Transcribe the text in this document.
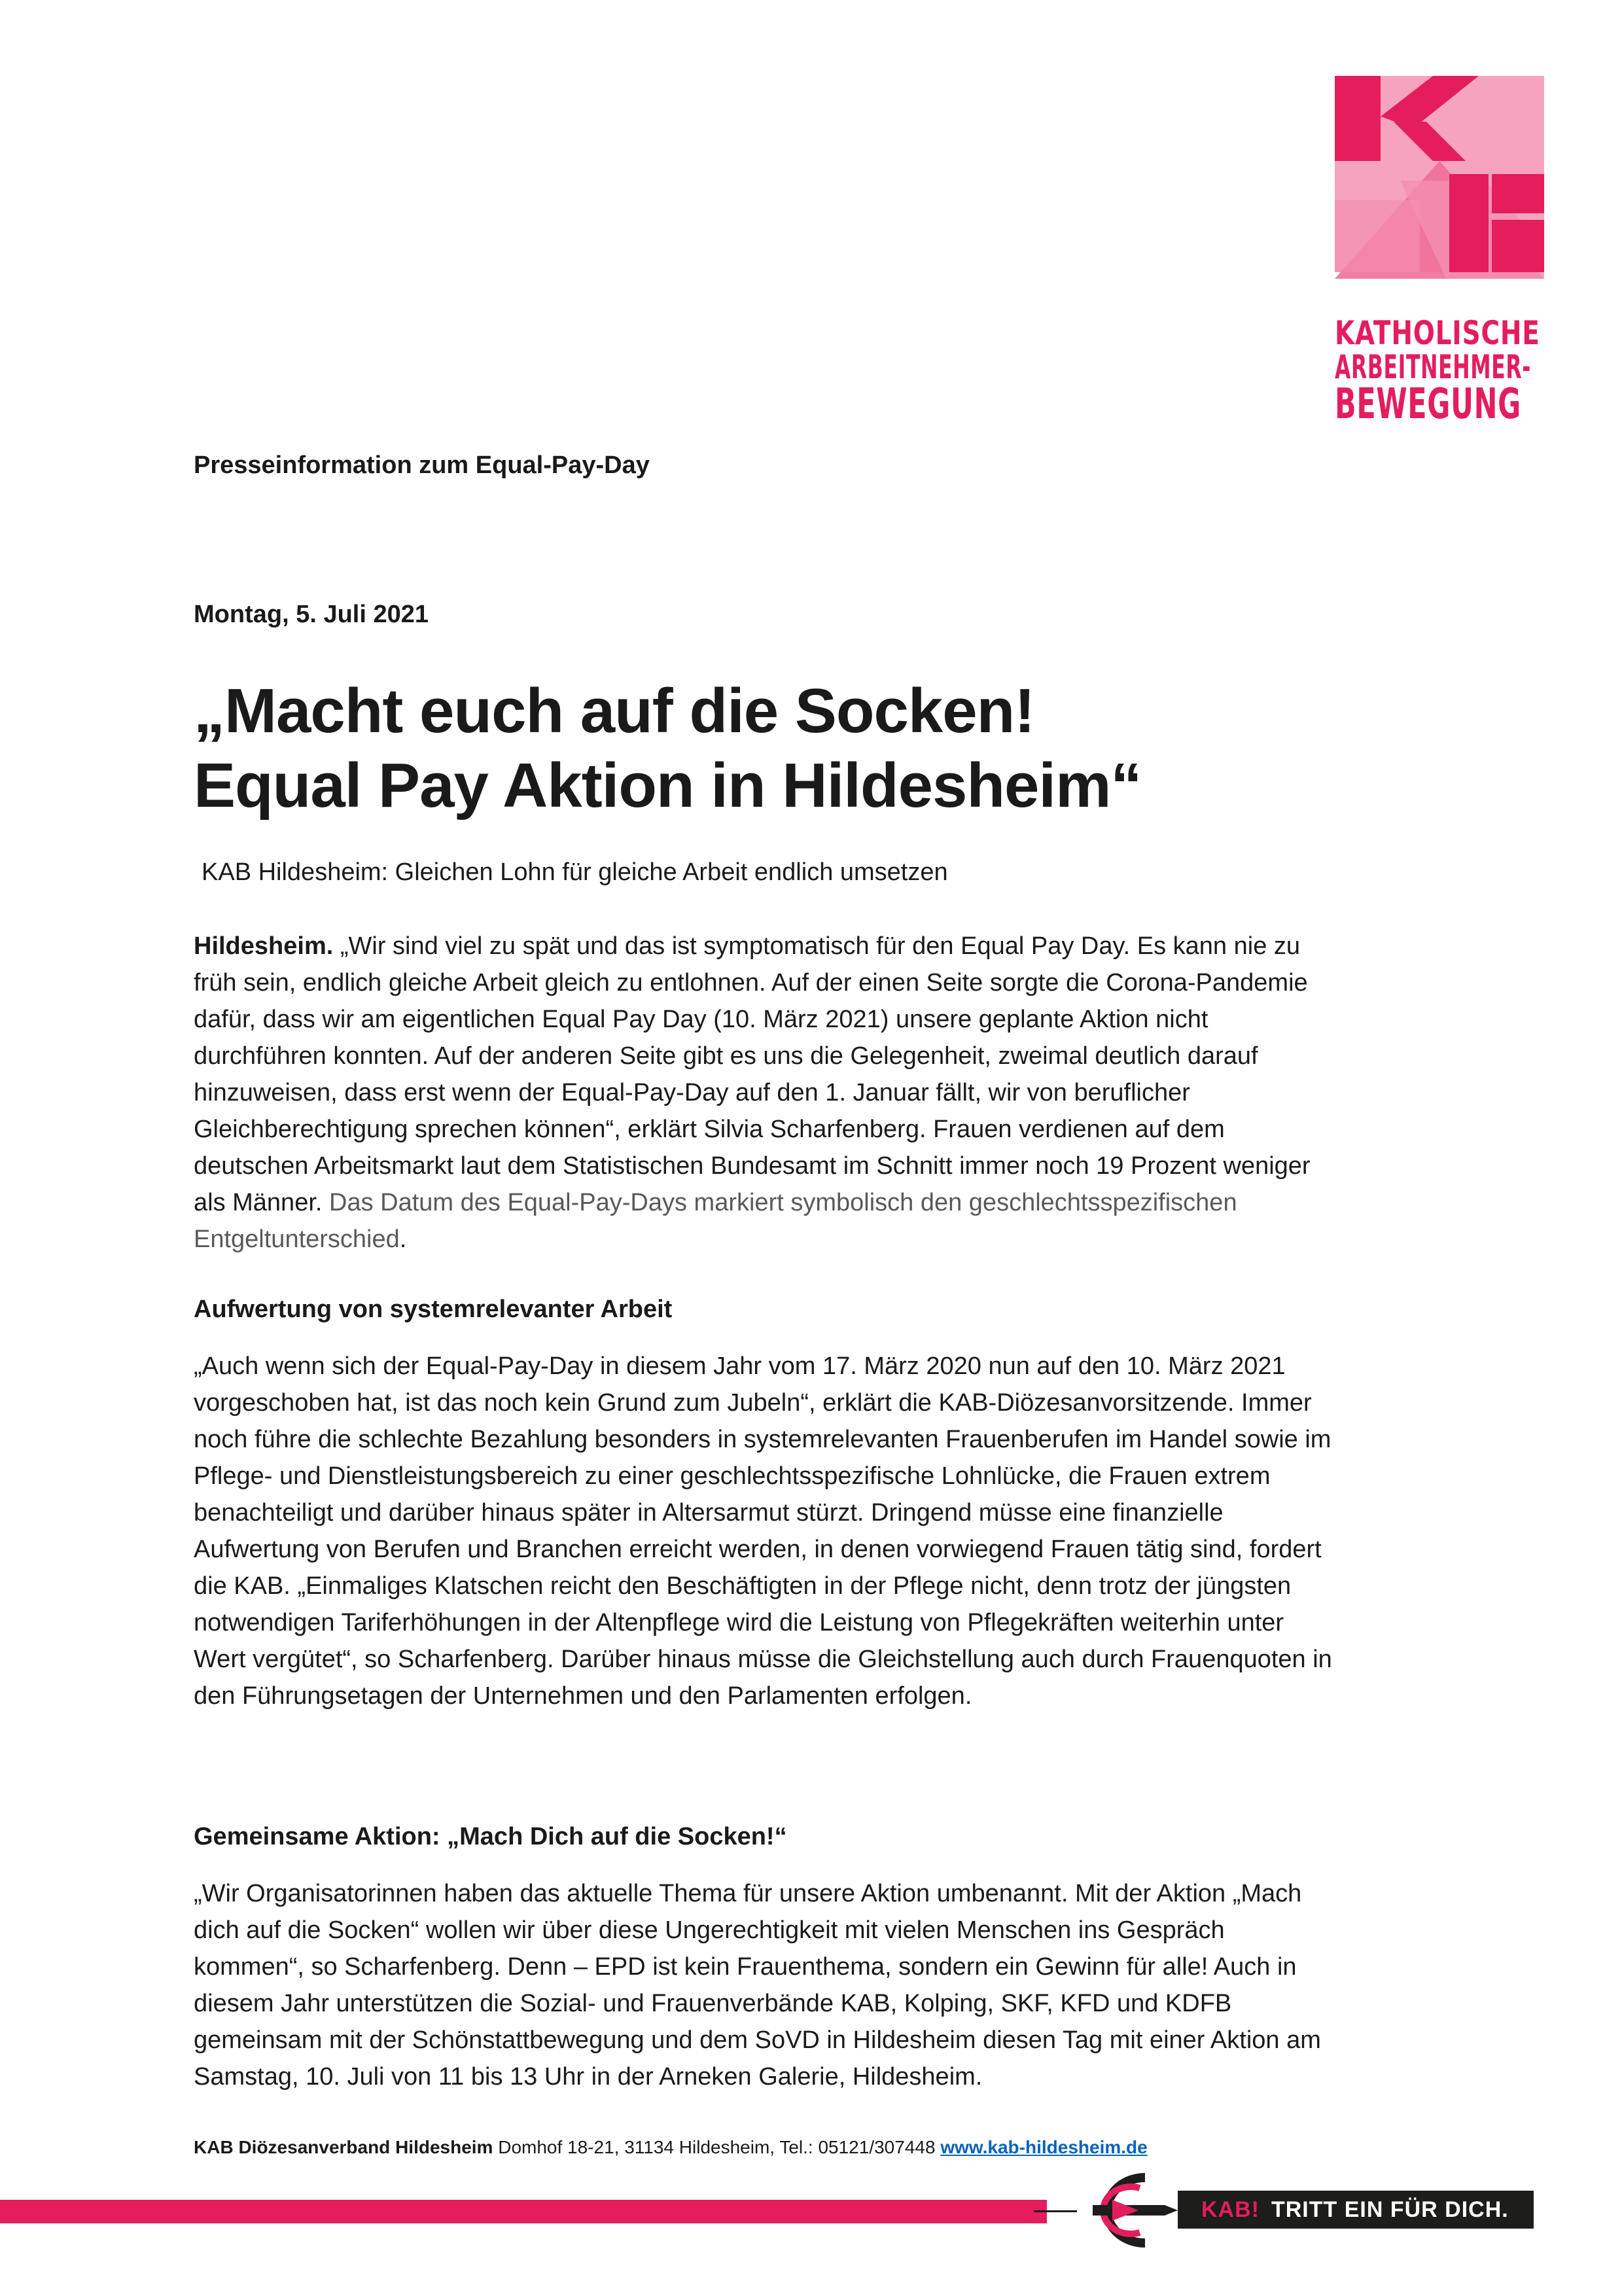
KATHOLISCHE
ARBEITNEHMER-
BEWEGUNG
Presseinformation zum Equal-Pay-Day
Montag, 5. Juli 2021
„Macht euch auf die Socken!
Equal Pay Aktion in Hildesheim“
KAB Hildesheim: Gleichen Lohn für gleiche Arbeit endlich umsetzen
Hildesheim. „Wir sind viel zu spät und das ist symptomatisch für den Equal Pay Day. Es kann nie zu früh sein, endlich gleiche Arbeit gleich zu entlohnen. Auf der einen Seite sorgte die Corona-Pandemie dafür, dass wir am eigentlichen Equal Pay Day (10. März 2021) unsere geplante Aktion nicht durchführen konnten. Auf der anderen Seite gibt es uns die Gelegenheit, zweimal deutlich darauf hinzuweisen, dass erst wenn der Equal-Pay-Day auf den 1. Januar fällt, wir von beruflicher Gleichberechtigung sprechen können“, erklärt Silvia Scharfenberg. Frauen verdienen auf dem deutschen Arbeitsmarkt laut dem Statistischen Bundesamt im Schnitt immer noch 19 Prozent weniger als Männer. Das Datum des Equal-Pay-Days markiert symbolisch den geschlechtsspezifischen Entgeltunterschied.
Aufwertung von systemrelevanter Arbeit
„Auch wenn sich der Equal-Pay-Day in diesem Jahr vom 17. März 2020 nun auf den 10. März 2021 vorgeschoben hat, ist das noch kein Grund zum Jubeln“, erklärt die KAB-Diözesanvorsitzende. Immer noch führe die schlechte Bezahlung besonders in systemrelevanten Frauenberufen im Handel sowie im Pflege- und Dienstleistungsbereich zu einer geschlechtsspezifische Lohnlücke, die Frauen extrem benachteiligt und darüber hinaus später in Altersarmut stürzt. Dringend müsse eine finanzielle Aufwertung von Berufen und Branchen erreicht werden, in denen vorwiegend Frauen tätig sind, fordert die KAB. „Einmaliges Klatschen reicht den Beschäftigten in der Pflege nicht, denn trotz der jüngsten notwendigen Tariferhöhungen in der Altenpflege wird die Leistung von Pflegekräften weiterhin unter Wert vergütet“, so Scharfenberg. Darüber hinaus müsse die Gleichstellung auch durch Frauenquoten in den Führungsetagen der Unternehmen und den Parlamenten erfolgen.
Gemeinsame Aktion: „Mach Dich auf die Socken!“
„Wir Organisatorinnen haben das aktuelle Thema für unsere Aktion umbenannt. Mit der Aktion „Mach dich auf die Socken“ wollen wir über diese Ungerechtigkeit mit vielen Menschen ins Gespräch kommen“, so Scharfenberg. Denn – EPD ist kein Frauenthema, sondern ein Gewinn für alle! Auch in diesem Jahr unterstützen die Sozial- und Frauenverbände KAB, Kolping, SKF, KFD und KDFB gemeinsam mit der Schönstattbewegung und dem SoVD in Hildesheim diesen Tag mit einer Aktion am Samstag, 10. Juli von 11 bis 13 Uhr in der Arneken Galerie, Hildesheim.
KAB Diözesanverband Hildesheim Domhof 18-21, 31134 Hildesheim, Tel.: 05121/307448 www.kab-hildesheim.de
KAB! TRITT EIN FÜR DICH.
